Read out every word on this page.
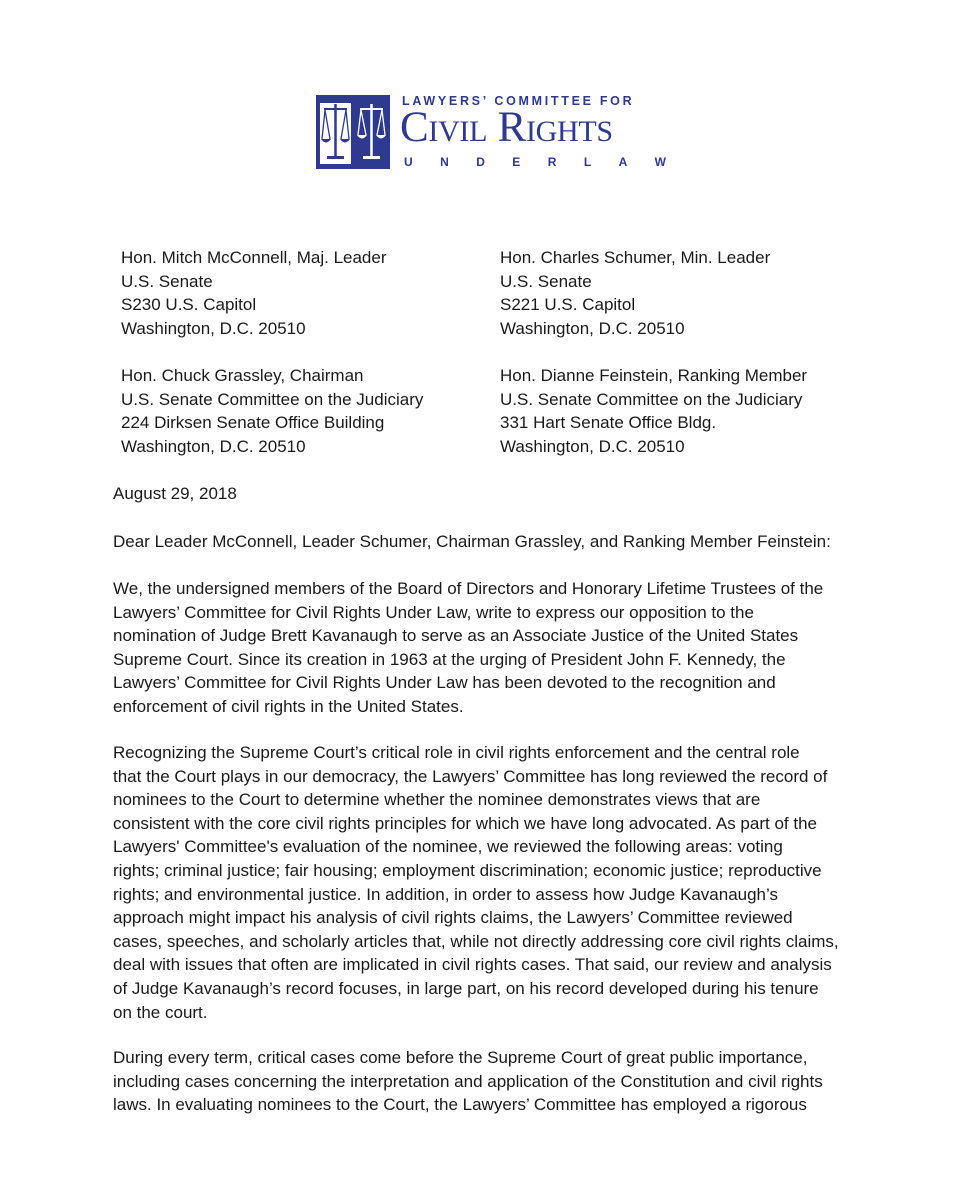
LAWYERS’ COMMITTEE FOR
Civil Rights
U N D E R L A W
Hon. Mitch McConnell, Maj. Leader
U.S. Senate
S230 U.S. Capitol
Washington, D.C. 20510
Hon. Charles Schumer, Min. Leader
U.S. Senate
S221 U.S. Capitol
Washington, D.C. 20510
Hon. Chuck Grassley, Chairman
U.S. Senate Committee on the Judiciary
224 Dirksen Senate Office Building
Washington, D.C. 20510
Hon. Dianne Feinstein, Ranking Member
U.S. Senate Committee on the Judiciary
331 Hart Senate Office Bldg.
Washington, D.C. 20510
August 29, 2018
Dear Leader McConnell, Leader Schumer, Chairman Grassley, and Ranking Member Feinstein:
We, the undersigned members of the Board of Directors and Honorary Lifetime Trustees of the
Lawyers’ Committee for Civil Rights Under Law, write to express our opposition to the
nomination of Judge Brett Kavanaugh to serve as an Associate Justice of the United States
Supreme Court. Since its creation in 1963 at the urging of President John F. Kennedy, the
Lawyers’ Committee for Civil Rights Under Law has been devoted to the recognition and
enforcement of civil rights in the United States.
Recognizing the Supreme Court’s critical role in civil rights enforcement and the central role
that the Court plays in our democracy, the Lawyers’ Committee has long reviewed the record of
nominees to the Court to determine whether the nominee demonstrates views that are
consistent with the core civil rights principles for which we have long advocated. As part of the
Lawyers' Committee's evaluation of the nominee, we reviewed the following areas: voting
rights; criminal justice; fair housing; employment discrimination; economic justice; reproductive
rights; and environmental justice. In addition, in order to assess how Judge Kavanaugh’s
approach might impact his analysis of civil rights claims, the Lawyers’ Committee reviewed
cases, speeches, and scholarly articles that, while not directly addressing core civil rights claims,
deal with issues that often are implicated in civil rights cases. That said, our review and analysis
of Judge Kavanaugh’s record focuses, in large part, on his record developed during his tenure
on the court.
During every term, critical cases come before the Supreme Court of great public importance,
including cases concerning the interpretation and application of the Constitution and civil rights
laws. In evaluating nominees to the Court, the Lawyers’ Committee has employed a rigorous
